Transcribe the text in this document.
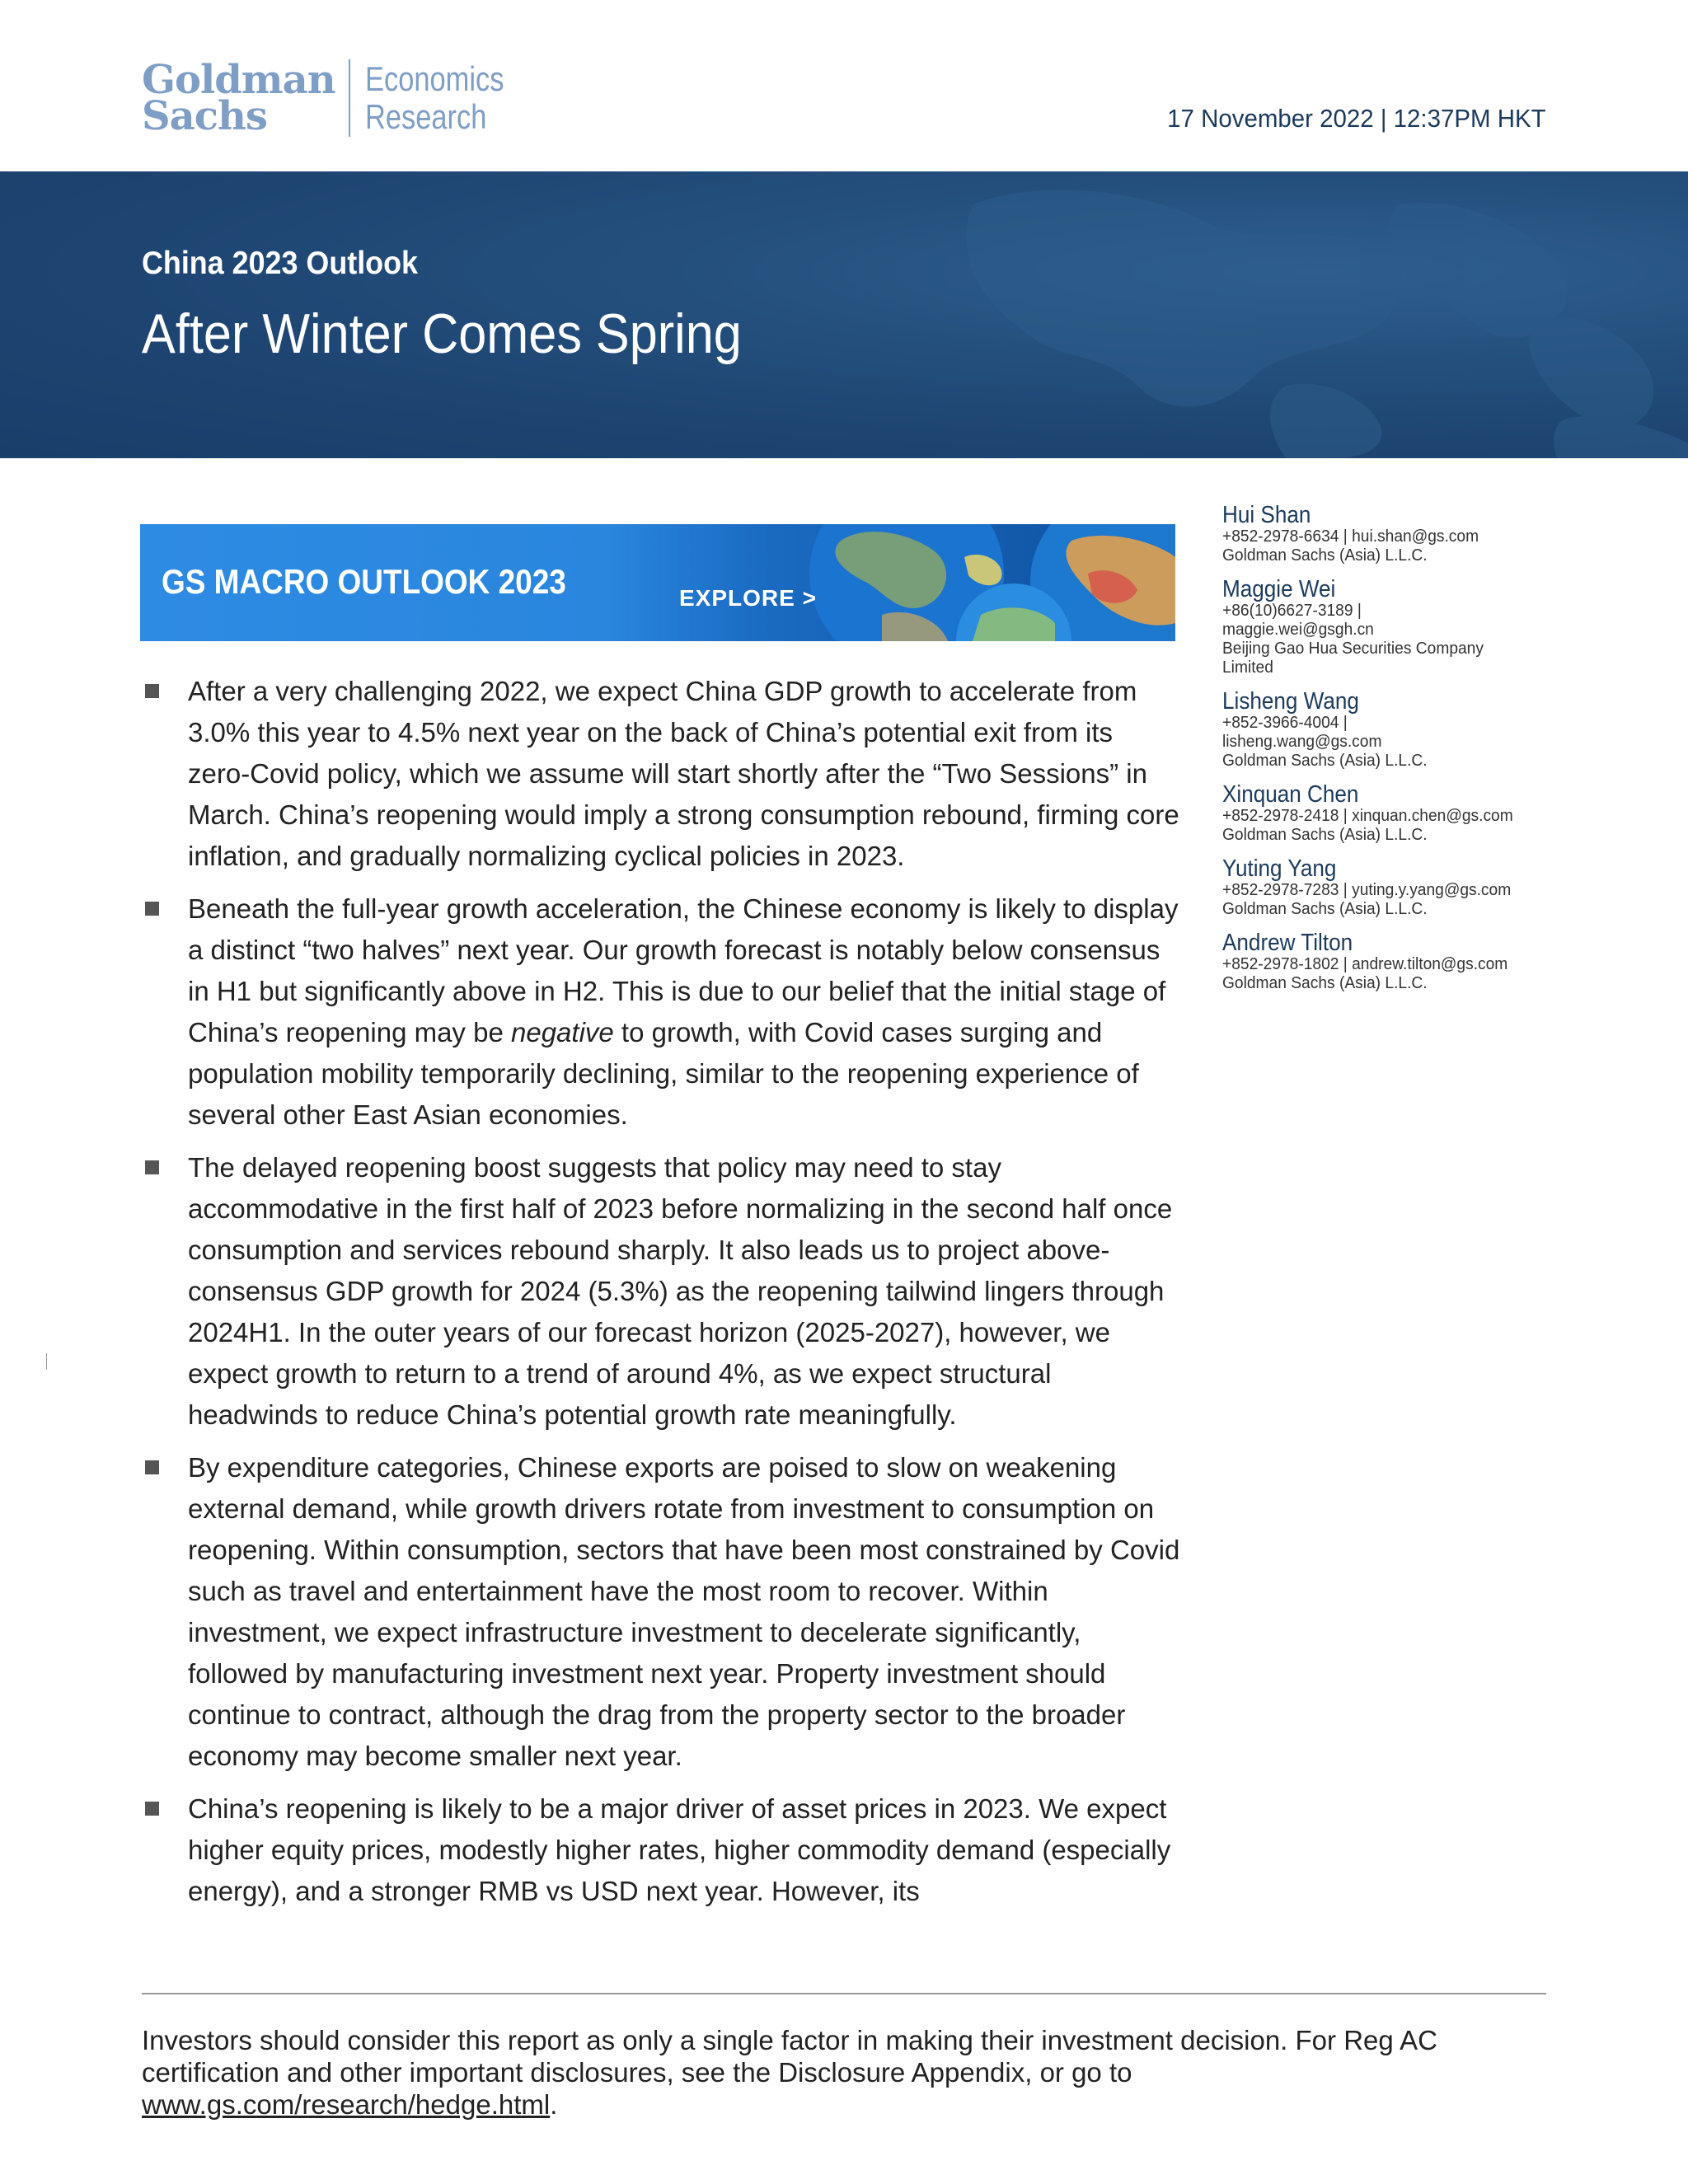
Goldman
Sachs
Economics
Research	17 November 2022 | 12:37PM HKT
China 2023 Outlook
After Winter Comes Spring
GS MACRO OUTLOOK 2023	EXPLORE >
After a very challenging 2022, we expect China GDP growth to accelerate from 3.0% this year to 4.5% next year on the back of China’s potential exit from its zero-Covid policy, which we assume will start shortly after the “Two Sessions” in March. China’s reopening would imply a strong consumption rebound, firming core inflation, and gradually normalizing cyclical policies in 2023.
Beneath the full-year growth acceleration, the Chinese economy is likely to display a distinct “two halves” next year. Our growth forecast is notably below consensus in H1 but significantly above in H2. This is due to our belief that the initial stage of China’s reopening may be negative to growth, with Covid cases surging and population mobility temporarily declining, similar to the reopening experience of several other East Asian economies.
The delayed reopening boost suggests that policy may need to stay accommodative in the first half of 2023 before normalizing in the second half once consumption and services rebound sharply. It also leads us to project above-consensus GDP growth for 2024 (5.3%) as the reopening tailwind lingers through 2024H1. In the outer years of our forecast horizon (2025-2027), however, we expect growth to return to a trend of around 4%, as we expect structural headwinds to reduce China’s potential growth rate meaningfully.
By expenditure categories, Chinese exports are poised to slow on weakening external demand, while growth drivers rotate from investment to consumption on reopening. Within consumption, sectors that have been most constrained by Covid such as travel and entertainment have the most room to recover. Within investment, we expect infrastructure investment to decelerate significantly, followed by manufacturing investment next year. Property investment should continue to contract, although the drag from the property sector to the broader economy may become smaller next year.
China’s reopening is likely to be a major driver of asset prices in 2023. We expect higher equity prices, modestly higher rates, higher commodity demand (especially energy), and a stronger RMB vs USD next year. However, its
Hui Shan
+852-2978-6634 | hui.shan@gs.com
Goldman Sachs (Asia) L.L.C.
Maggie Wei
+86(10)6627-3189 |
maggie.wei@gsgh.cn
Beijing Gao Hua Securities Company
Limited
Lisheng Wang
+852-3966-4004 |
lisheng.wang@gs.com
Goldman Sachs (Asia) L.L.C.
Xinquan Chen
+852-2978-2418 | xinquan.chen@gs.com
Goldman Sachs (Asia) L.L.C.
Yuting Yang
+852-2978-7283 | yuting.y.yang@gs.com
Goldman Sachs (Asia) L.L.C.
Andrew Tilton
+852-2978-1802 | andrew.tilton@gs.com
Goldman Sachs (Asia) L.L.C.
Investors should consider this report as only a single factor in making their investment decision. For Reg AC certification and other important disclosures, see the Disclosure Appendix, or go to www.gs.com/research/hedge.html.
